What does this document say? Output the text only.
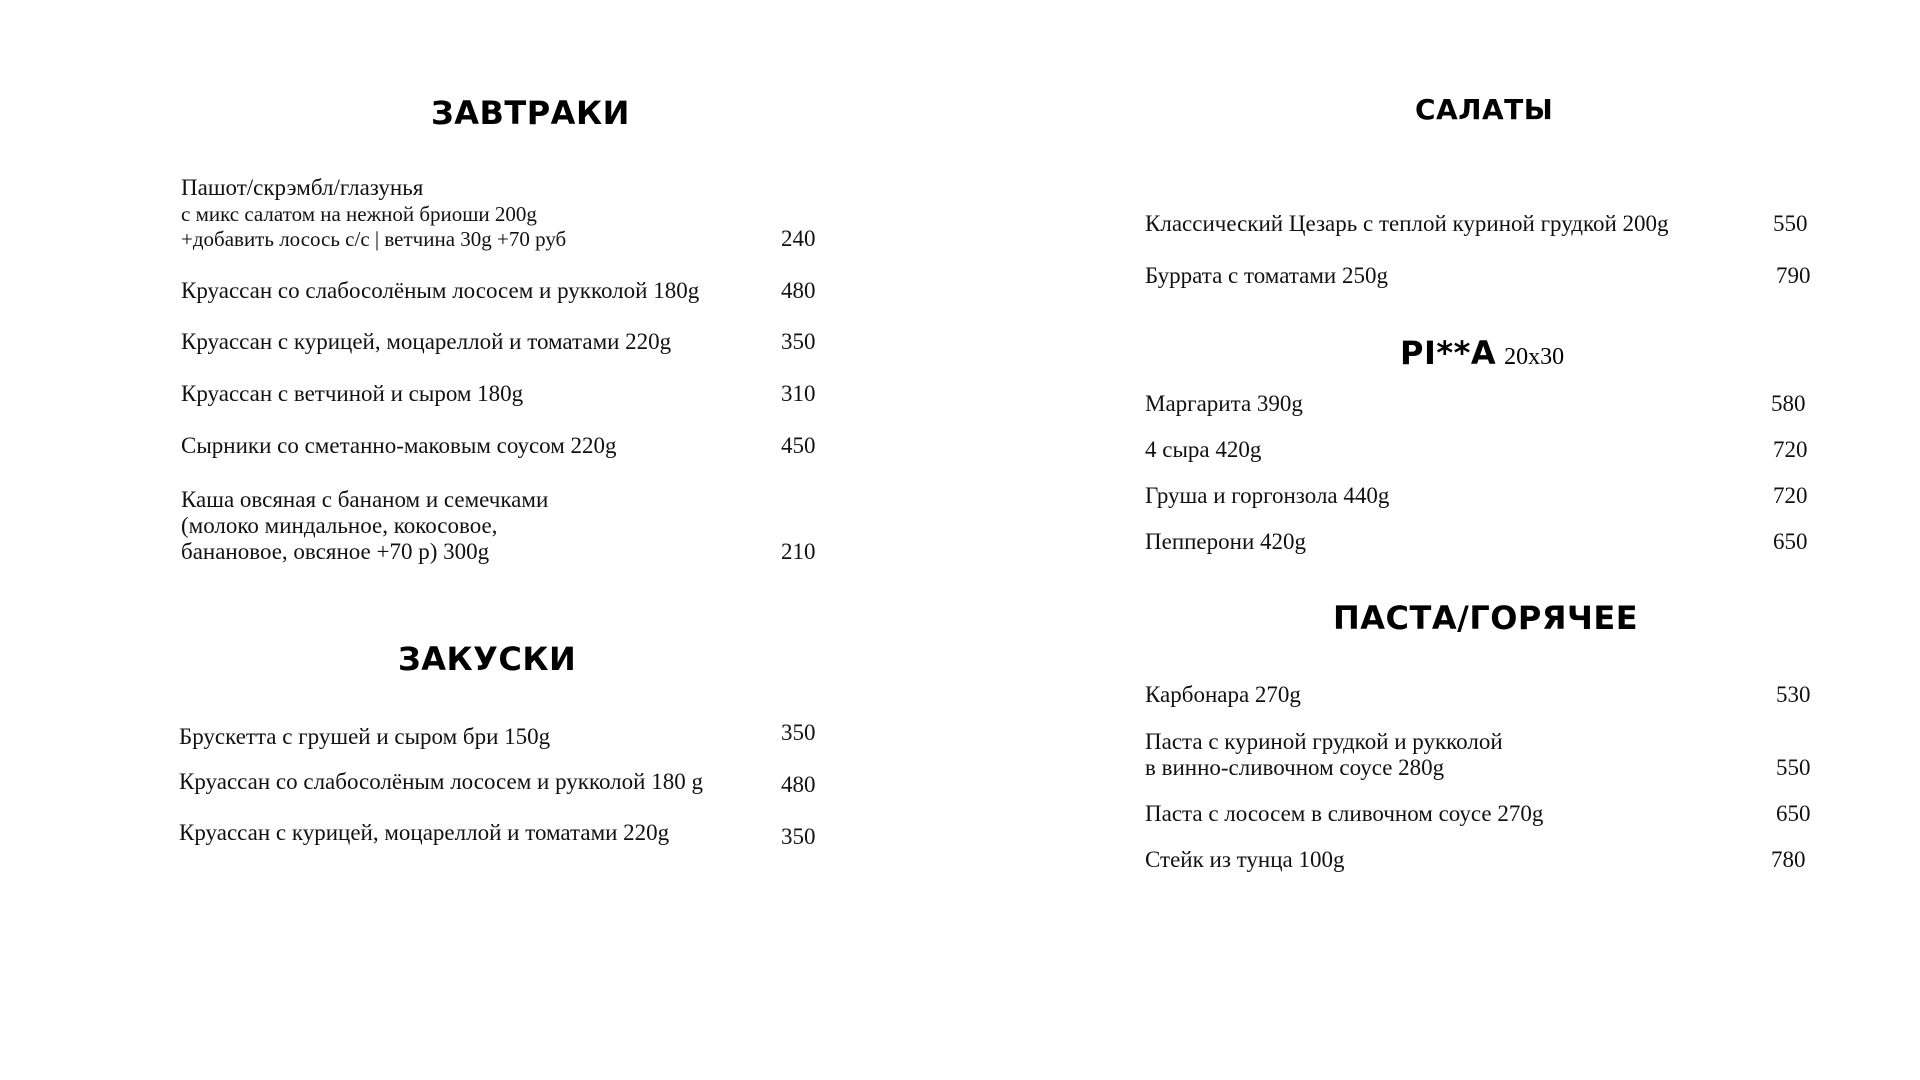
ЗАВТРАКИ
Пашот/скрэмбл/глазунья
с микс салатом на нежной бриоши 200g
+добавить лосось с/с | ветчина 30g +70 руб	240
Круассан со слабосолёным лососем и рукколой 180g	480
Круассан с курицей, моцареллой и томатами 220g	350
Круассан с ветчиной и сыром 180g	310
Сырники со сметанно-маковым соусом 220g	450
Каша овсяная с бананом и семечками
(молоко миндальное, кокосовое,
банановое, овсяное +70 р) 300g	210
ЗАКУСКИ
Брускетта с грушей и сыром бри 150g	350
Круассан со слабосолёным лососем и рукколой 180 g	480
Круассан с курицей, моцареллой и томатами 220g	350
САЛАТЫ
Классический Цезарь с теплой куриной грудкой 200g	550
Буррата с томатами 250g	790
PI**A 20х30
Маргарита 390g	580
4 сыра 420g	720
Груша и горгонзола 440g	720
Пепперони 420g	650
ПАСТА/ГОРЯЧЕЕ
Карбонара 270g	530
Паста с куриной грудкой и рукколой
в винно-сливочном соусе 280g	550
Паста с лососем в сливочном соусе 270g	650
Стейк из тунца 100g	780
